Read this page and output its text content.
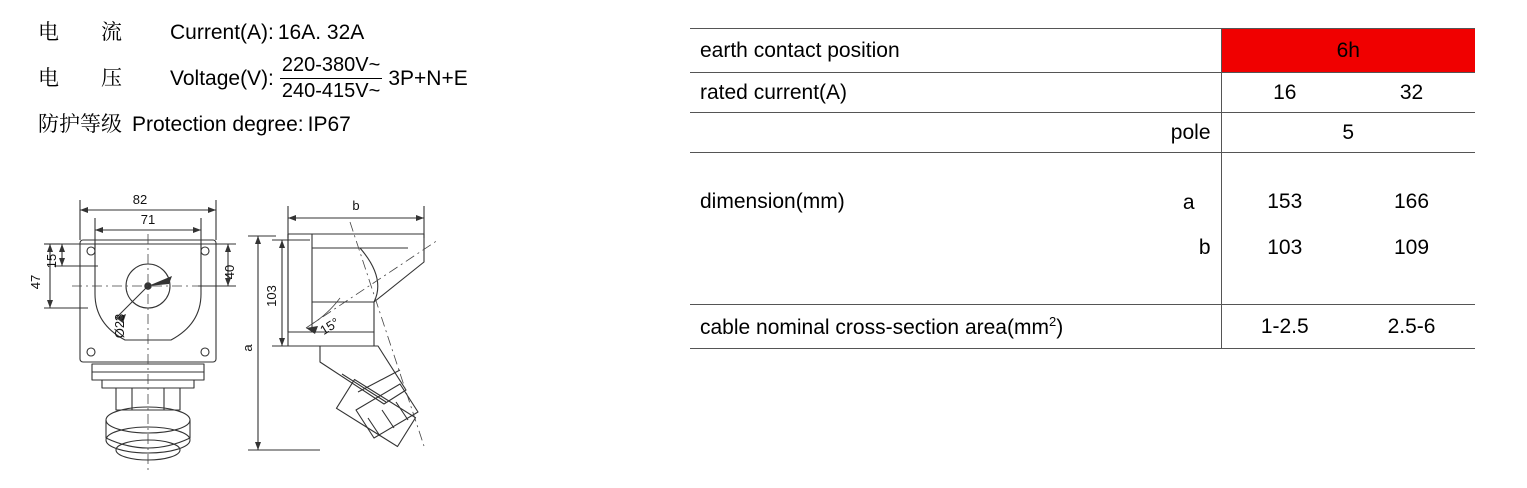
电　　流	Current(A): 16A. 32A
电　　压	Voltage(V): $\frac{220-380V\sim}{240-415V\sim} 3P+N+E$
防护等级 Protection degree: IP67
82
71
15
47
40
Ø23
b
103
a
15°
earth contact position	6h	
rated current(A)	16	32
pole	5	

dimension(mm) a	153	166
b	103	109

cable nominal cross-section $area(mm^2)$	1-2.5	2.5-6
